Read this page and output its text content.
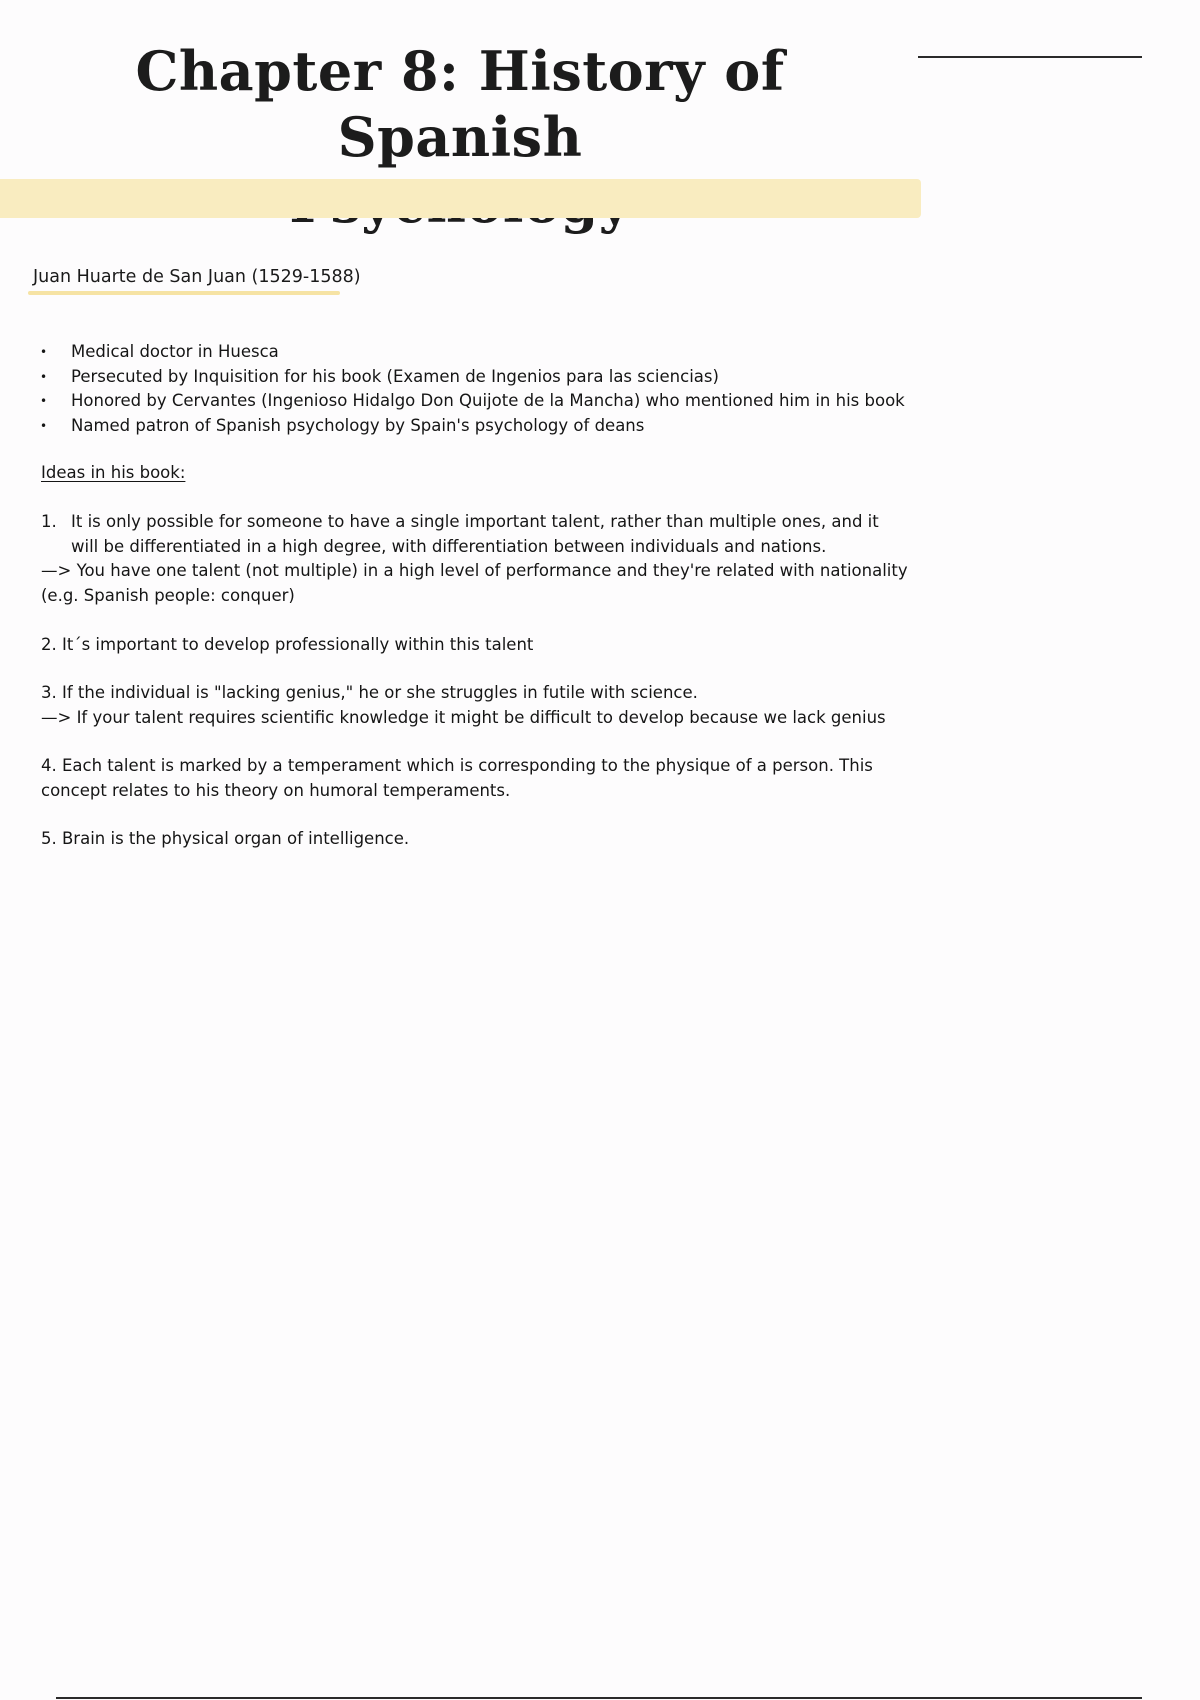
Chapter 8: History of Spanish

Juan Huarte de San Juan (1529-1588)
• Medical doctor in Huesca
• Persecuted by Inquisition for his book (Examen de Ingenios para las sciencias)
• Honored by Cervantes (Ingenioso Hidalgo Don Quijote de la Mancha) who mentioned him in his book
• Named patron of Spanish psychology by Spain's psychology of deans
Ideas in his book:
1. It is only possible for someone to have a single important talent, rather than multiple ones, and it
will be differentiated in a high degree, with differentiation between individuals and nations.
—> You have one talent (not multiple) in a high level of performance and they're related with nationality
(e.g. Spanish people: conquer)
2. It´s important to develop professionally within this talent
3. If the individual is "lacking genius," he or she struggles in futile with science.
—> If your talent requires scientific knowledge it might be difficult to develop because we lack genius
4. Each talent is marked by a temperament which is corresponding to the physique of a person. This
concept relates to his theory on humoral temperaments.
5. Brain is the physical organ of intelligence.
